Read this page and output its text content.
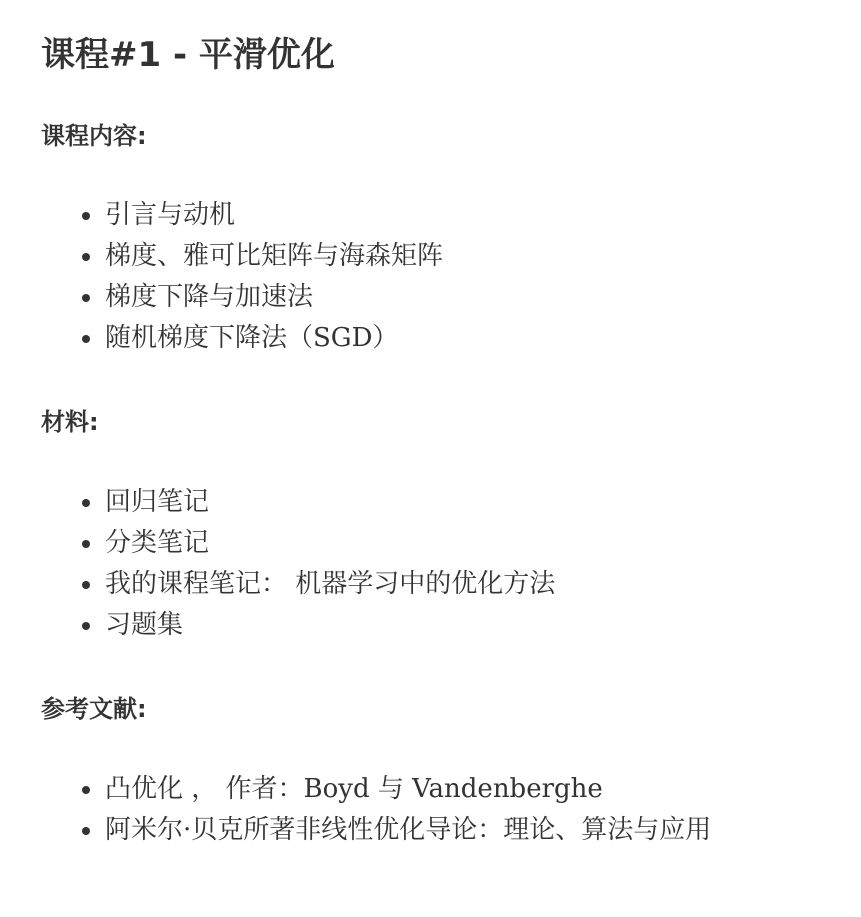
课程#1 - 平滑优化
课程内容:
引言与动机
梯度、雅可比矩阵与海森矩阵
梯度下降与加速法
随机梯度下降法（SGD）
材料:
回归笔记
分类笔记
我的课程笔记： 机器学习中的优化方法
习题集
参考文献:
凸优化 ， 作者：Boyd 与 Vandenberghe
阿米尔·贝克所著非线性优化导论：理论、算法与应用
